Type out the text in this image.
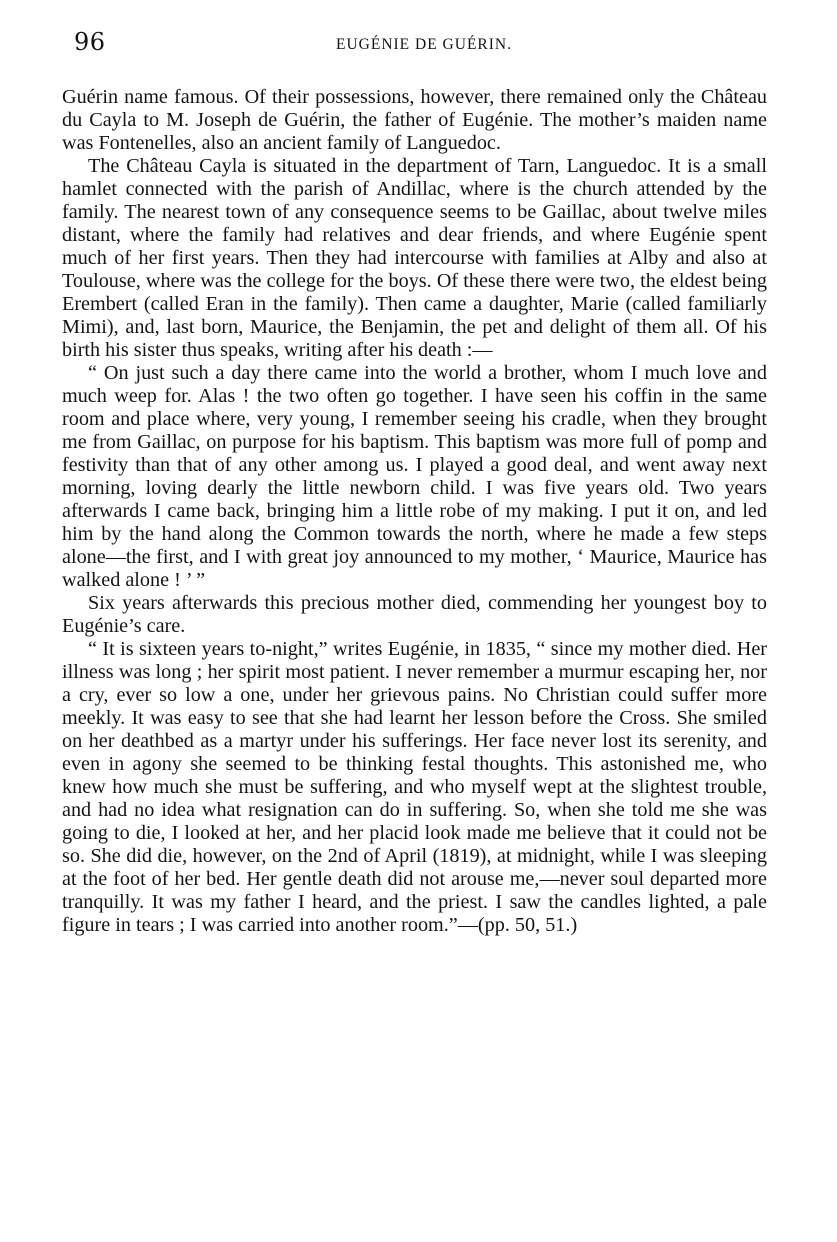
96	EUGÉNIE DE GUÉRIN.

Guérin name famous. Of their possessions, however, there remained only the Château du Cayla to M. Joseph de Guérin, the father of Eugénie. The mother’s maiden name was Fontenelles, also an ancient family of Languedoc.

The Château Cayla is situated in the department of Tarn, Languedoc. It is a small hamlet connected with the parish of Andillac, where is the church attended by the family. The nearest town of any consequence seems to be Gaillac, about twelve miles distant, where the family had relatives and dear friends, and where Eugénie spent much of her first years. Then they had intercourse with families at Alby and also at Toulouse, where was the college for the boys. Of these there were two, the eldest being Erembert (called Eran in the family). Then came a daughter, Marie (called familiarly Mimi), and, last born, Maurice, the Benjamin, the pet and delight of them all. Of his birth his sister thus speaks, writing after his death :—

“ On just such a day there came into the world a brother, whom I much love and much weep for. Alas ! the two often go together. I have seen his coffin in the same room and place where, very young, I remember seeing his cradle, when they brought me from Gaillac, on purpose for his baptism. This baptism was more full of pomp and festivity than that of any other among us. I played a good deal, and went away next morning, loving dearly the little newborn child. I was five years old. Two years afterwards I came back, bringing him a little robe of my making. I put it on, and led him by the hand along the Common towards the north, where he made a few steps alone—the first, and I with great joy announced to my mother, ‘ Maurice, Maurice has walked alone ! ’ ”

Six years afterwards this precious mother died, commending her youngest boy to Eugénie’s care.

“ It is sixteen years to-night,” writes Eugénie, in 1835, “ since my mother died. Her illness was long ; her spirit most patient. I never remember a murmur escaping her, nor a cry, ever so low a one, under her grievous pains. No Christian could suffer more meekly. It was easy to see that she had learnt her lesson before the Cross. She smiled on her deathbed as a martyr under his sufferings. Her face never lost its serenity, and even in agony she seemed to be thinking festal thoughts. This astonished me, who knew how much she must be suffering, and who myself wept at the slightest trouble, and had no idea what resignation can do in suffering. So, when she told me she was going to die, I looked at her, and her placid look made me believe that it could not be so. She did die, however, on the 2nd of April (1819), at midnight, while I was sleeping at the foot of her bed. Her gentle death did not arouse me,—never soul departed more tranquilly. It was my father I heard, and the priest. I saw the candles lighted, a pale figure in tears ; I was carried into another room.”—(pp. 50, 51.)
